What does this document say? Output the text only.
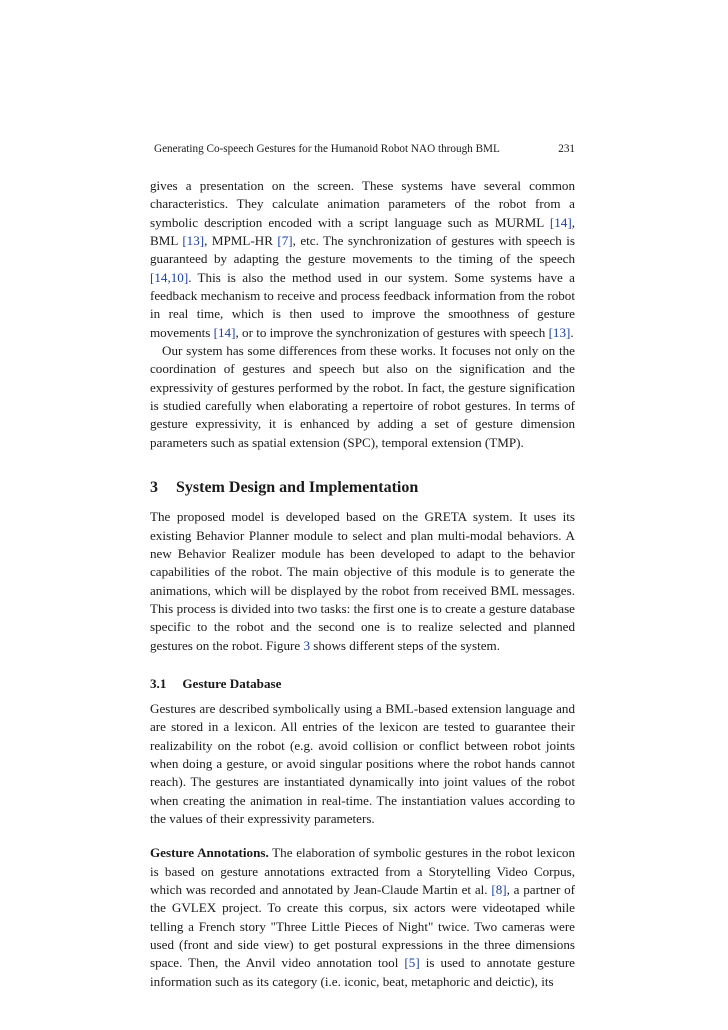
Generating Co-speech Gestures for the Humanoid Robot NAO through BML	231

gives a presentation on the screen. These systems have several common characteristics. They calculate animation parameters of the robot from a symbolic description encoded with a script language such as MURML [14], BML [13], MPML-HR [7], etc. The synchronization of gestures with speech is guaranteed by adapting the gesture movements to the timing of the speech [14,10]. This is also the method used in our system. Some systems have a feedback mechanism to receive and process feedback information from the robot in real time, which is then used to improve the smoothness of gesture movements [14], or to improve the synchronization of gestures with speech [13].

Our system has some differences from these works. It focuses not only on the coordination of gestures and speech but also on the signification and the expressivity of gestures performed by the robot. In fact, the gesture signification is studied carefully when elaborating a repertoire of robot gestures. In terms of gesture expressivity, it is enhanced by adding a set of gesture dimension parameters such as spatial extension (SPC), temporal extension (TMP).

3 System Design and Implementation

The proposed model is developed based on the GRETA system. It uses its existing Behavior Planner module to select and plan multi-modal behaviors. A new Behavior Realizer module has been developed to adapt to the behavior capabilities of the robot. The main objective of this module is to generate the animations, which will be displayed by the robot from received BML messages. This process is divided into two tasks: the first one is to create a gesture database specific to the robot and the second one is to realize selected and planned gestures on the robot. Figure 3 shows different steps of the system.

3.1 Gesture Database

Gestures are described symbolically using a BML-based extension language and are stored in a lexicon. All entries of the lexicon are tested to guarantee their realizability on the robot (e.g. avoid collision or conflict between robot joints when doing a gesture, or avoid singular positions where the robot hands cannot reach). The gestures are instantiated dynamically into joint values of the robot when creating the animation in real-time. The instantiation values according to the values of their expressivity parameters.

Gesture Annotations. The elaboration of symbolic gestures in the robot lexicon is based on gesture annotations extracted from a Storytelling Video Corpus, which was recorded and annotated by Jean-Claude Martin et al. [8], a partner of the GVLEX project. To create this corpus, six actors were videotaped while telling a French story "Three Little Pieces of Night" twice. Two cameras were used (front and side view) to get postural expressions in the three dimensions space. Then, the Anvil video annotation tool [5] is used to annotate gesture information such as its category (i.e. iconic, beat, metaphoric and deictic), its
